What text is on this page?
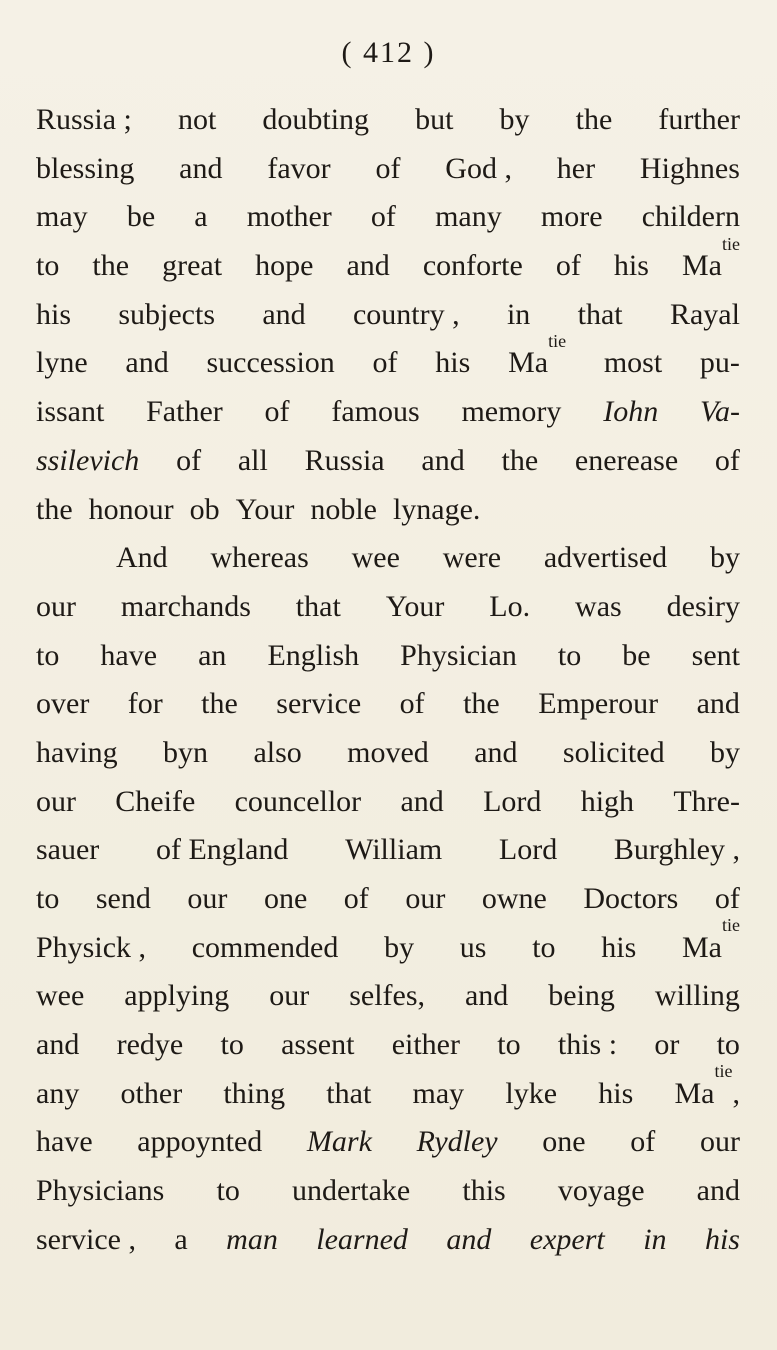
( 412 )
Russia ; not doubting but by the further
blessing and favor of God , her Highnes
may be a mother of many more childern
to the great hope and conforte of his $Ma^{tie}$
his subjects and country , in that Rayal
lyne and succession of his $Ma^{tie}$
most pu-
issant Father of famous memory Iohn Va-
ssilevich of all Russia and the enerease of
the honour ob Your noble lynage.
And whereas wee were advertised by
our marchands that Your Lo. was desiry
to have an English Physician to be sent
over for the service of the Emperour and
having byn also moved and solicited by
our Cheife councellor and Lord high Thre-
sauer of England William Lord Burghley ,
to send our one of our owne Doctors of
Physick , commended by us to his $Ma^{tie}$
wee applying our selfes, and being willing
and redye to assent either to this : or to
any other thing that may lyke his $Ma^{tie}$,
have appoynted Mark Rydley one of our
Physicians to undertake this voyage and
service , a man learned and expert in his
